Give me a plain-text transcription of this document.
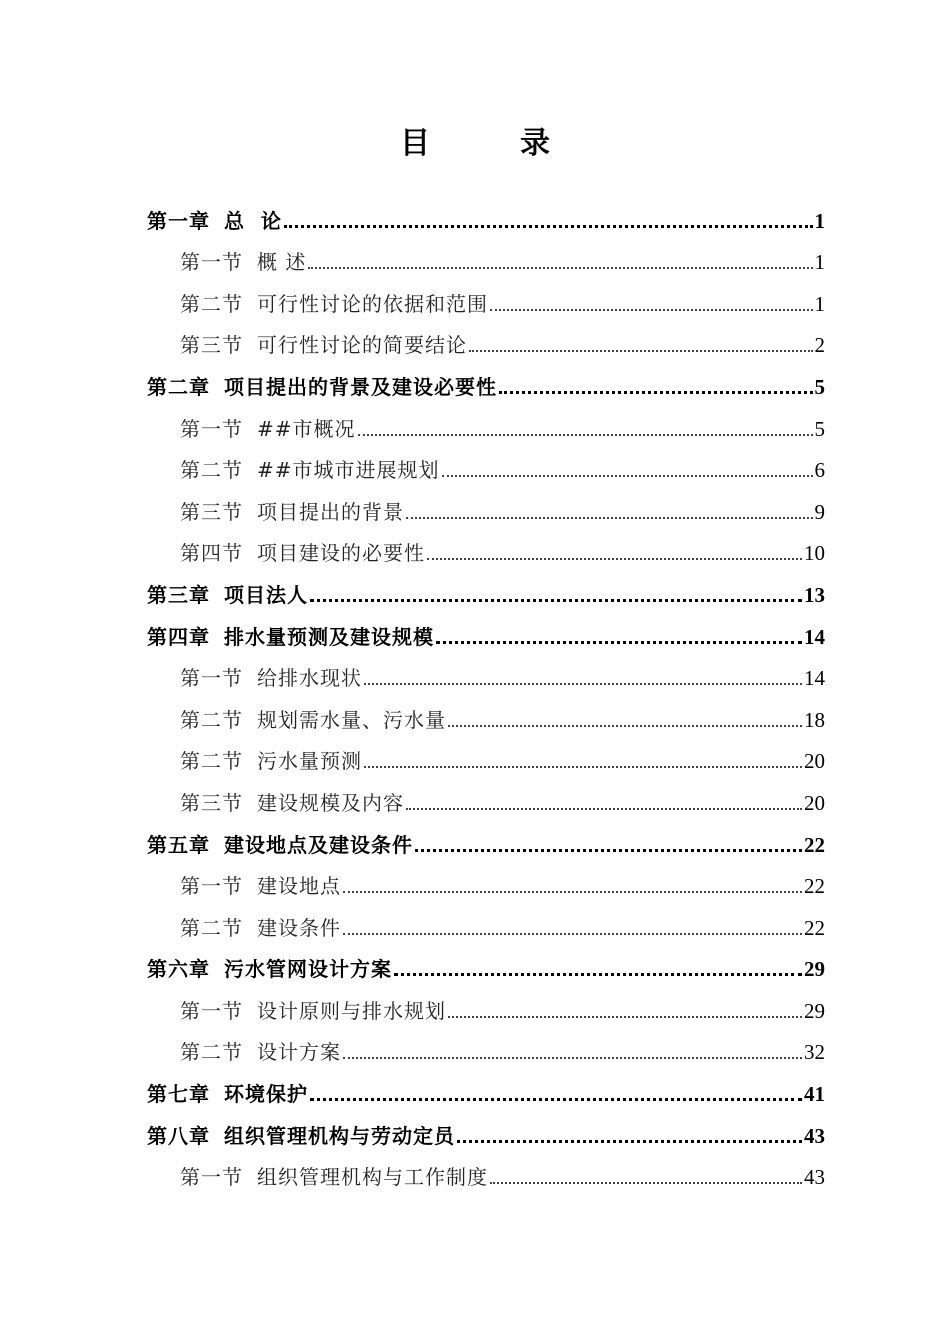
目　录
第一章 总  论	1
第一节 概 述	1
第二节 可行性讨论的依据和范围	1
第三节 可行性讨论的简要结论	2
第二章 项目提出的背景及建设必要性	5
第一节 ##市概况	5
第二节 ##市城市进展规划	6
第三节 项目提出的背景	9
第四节 项目建设的必要性	10
第三章 项目法人	13
第四章 排水量预测及建设规模	14
第一节 给排水现状	14
第二节 规划需水量、污水量	18
第二节 污水量预测	20
第三节 建设规模及内容	20
第五章 建设地点及建设条件	22
第一节 建设地点	22
第二节 建设条件	22
第六章 污水管网设计方案	29
第一节 设计原则与排水规划	29
第二节 设计方案	32
第七章 环境保护	41
第八章 组织管理机构与劳动定员	43
第一节 组织管理机构与工作制度	43
